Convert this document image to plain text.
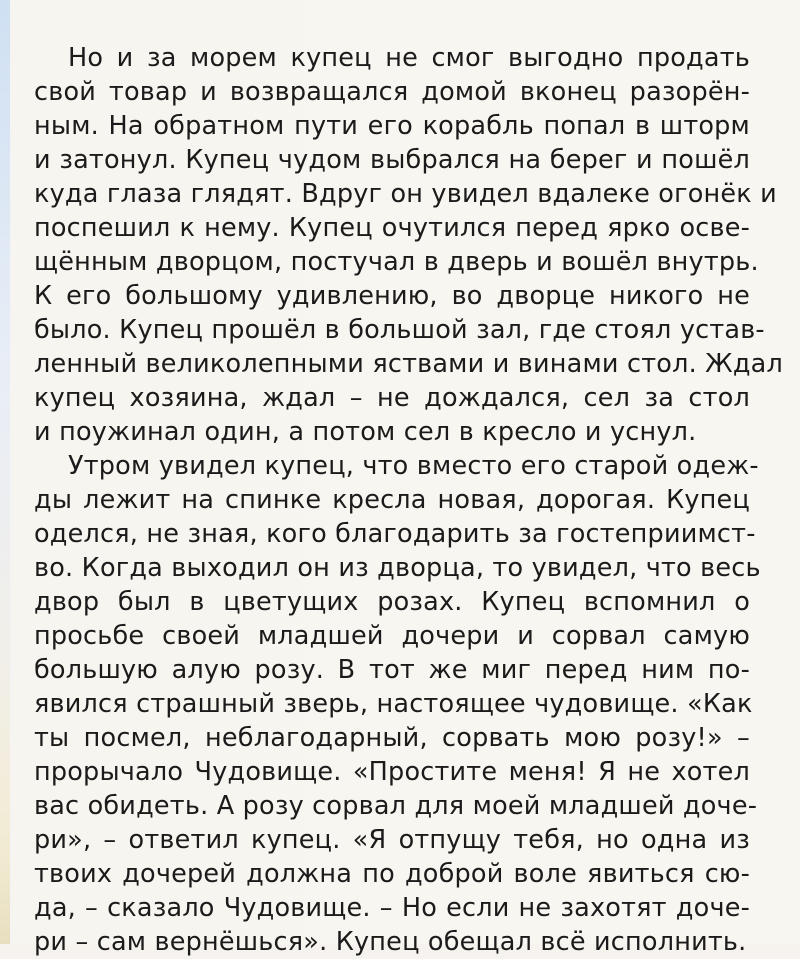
Но и за морем купец не смог выгодно продать
свой товар и возвращался домой вконец разорён-
ным. На обратном пути его корабль попал в шторм
и затонул. Купец чудом выбрался на берег и пошёл
куда глаза глядят. Вдруг он увидел вдалеке огонёк и
поспешил к нему. Купец очутился перед ярко осве-
щённым дворцом, постучал в дверь и вошёл внутрь.
К его большому удивлению, во дворце никого не
было. Купец прошёл в большой зал, где стоял устав-
ленный великолепными яствами и винами стол. Ждал
купец хозяина, ждал – не дождался, сел за стол
и поужинал один, а потом сел в кресло и уснул.
Утром увидел купец, что вместо его старой одеж-
ды лежит на спинке кресла новая, дорогая. Купец
оделся, не зная, кого благодарить за гостеприимст-
во. Когда выходил он из дворца, то увидел, что весь
двор был в цветущих розах. Купец вспомнил о
просьбе своей младшей дочери и сорвал самую
большую алую розу. В тот же миг перед ним по-
явился страшный зверь, настоящее чудовище. «Как
ты посмел, неблагодарный, сорвать мою розу!» –
прорычало Чудовище. «Простите меня! Я не хотел
вас обидеть. А розу сорвал для моей младшей доче-
ри», – ответил купец. «Я отпущу тебя, но одна из
твоих дочерей должна по доброй воле явиться сю-
да, – сказало Чудовище. – Но если не захотят доче-
ри – сам вернёшься». Купец обещал всё исполнить.
